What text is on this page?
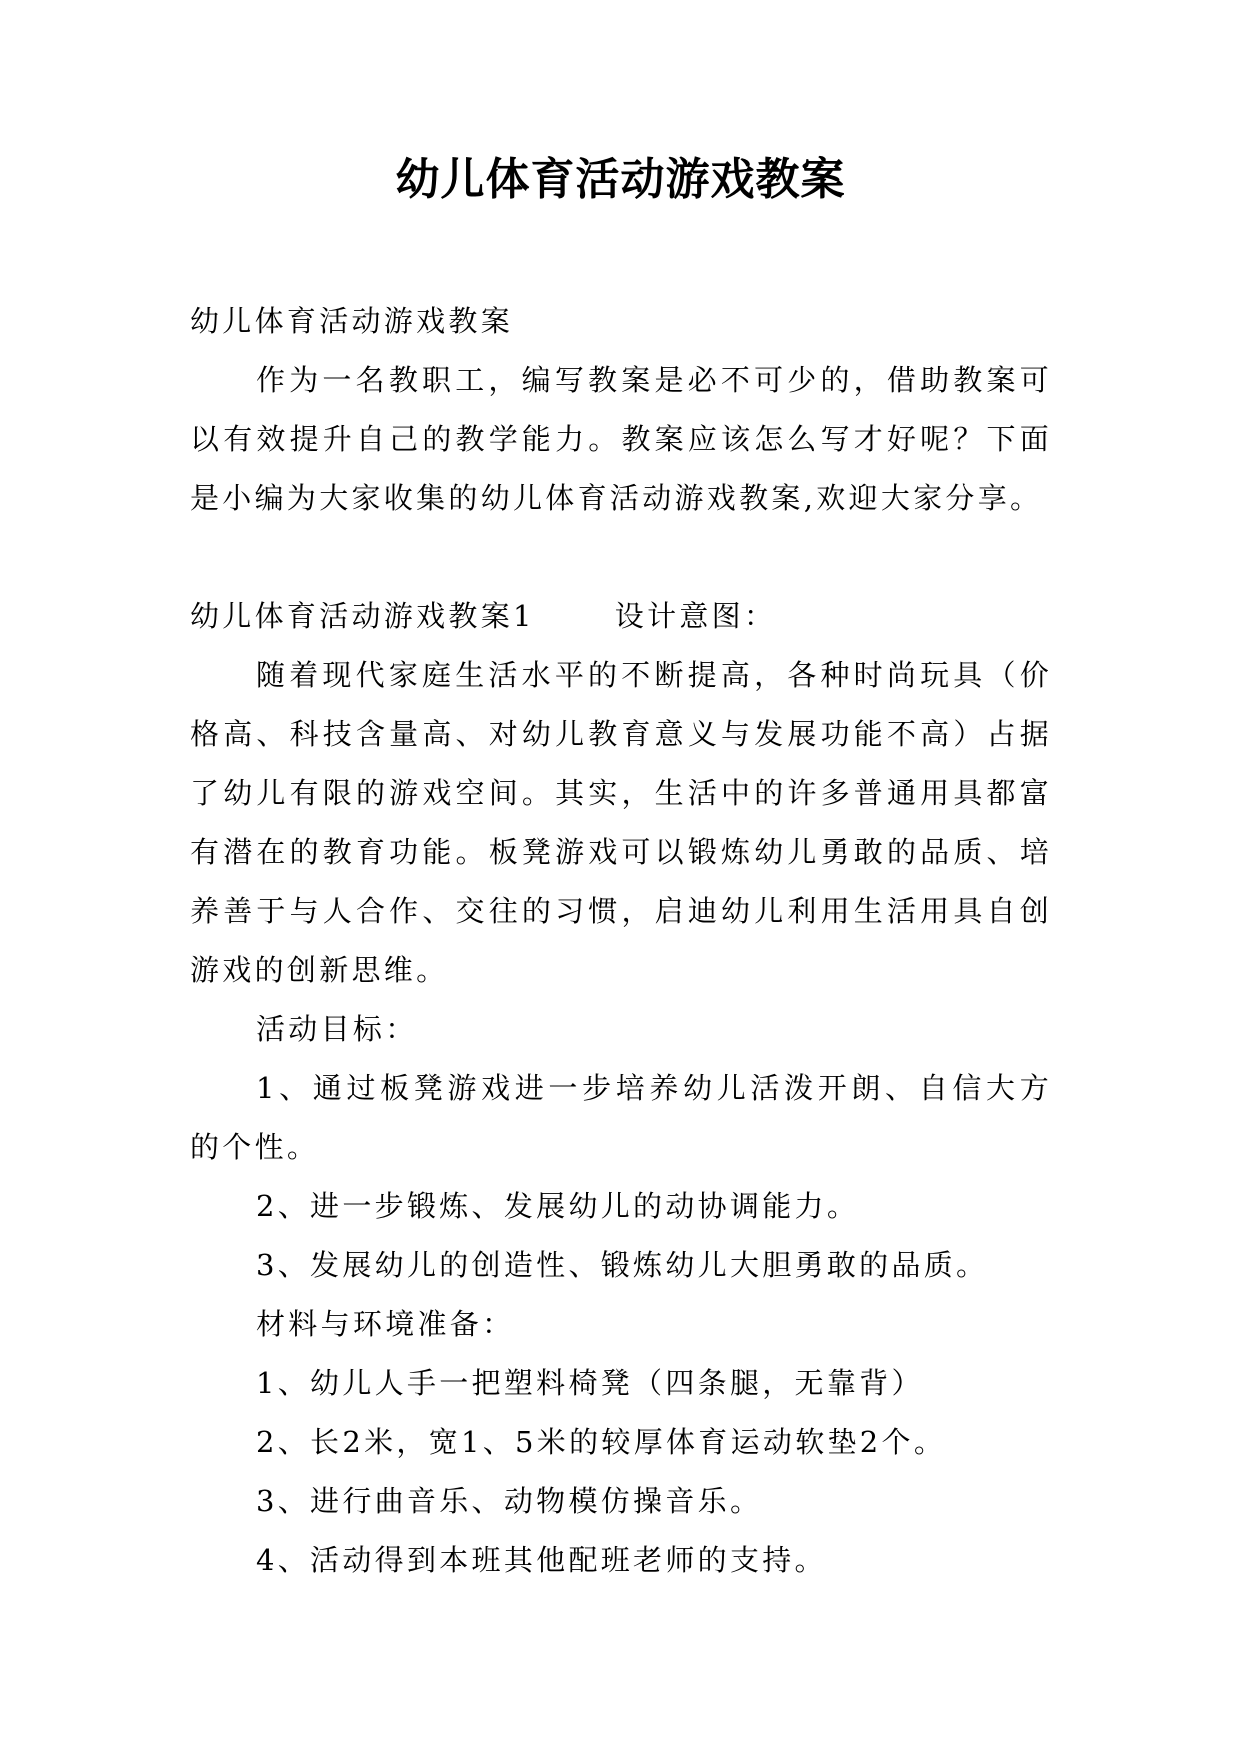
幼儿体育活动游戏教案

幼儿体育活动游戏教案

作为一名教职工，编写教案是必不可少的，借助教案可以有效提升自己的教学能力。教案应该怎么写才好呢？下面是小编为大家收集的幼儿体育活动游戏教案,欢迎大家分享。

幼儿体育活动游戏教案1	设计意图：

随着现代家庭生活水平的不断提高，各种时尚玩具（价格高、科技含量高、对幼儿教育意义与发展功能不高）占据了幼儿有限的游戏空间。其实，生活中的许多普通用具都富有潜在的教育功能。板凳游戏可以锻炼幼儿勇敢的品质、培养善于与人合作、交往的习惯，启迪幼儿利用生活用具自创游戏的创新思维。

活动目标：

1、通过板凳游戏进一步培养幼儿活泼开朗、自信大方的个性。

2、进一步锻炼、发展幼儿的动协调能力。

3、发展幼儿的创造性、锻炼幼儿大胆勇敢的品质。

材料与环境准备：

1、幼儿人手一把塑料椅凳（四条腿，无靠背）

2、长2米，宽1、5米的较厚体育运动软垫2个。

3、进行曲音乐、动物模仿操音乐。

4、活动得到本班其他配班老师的支持。
